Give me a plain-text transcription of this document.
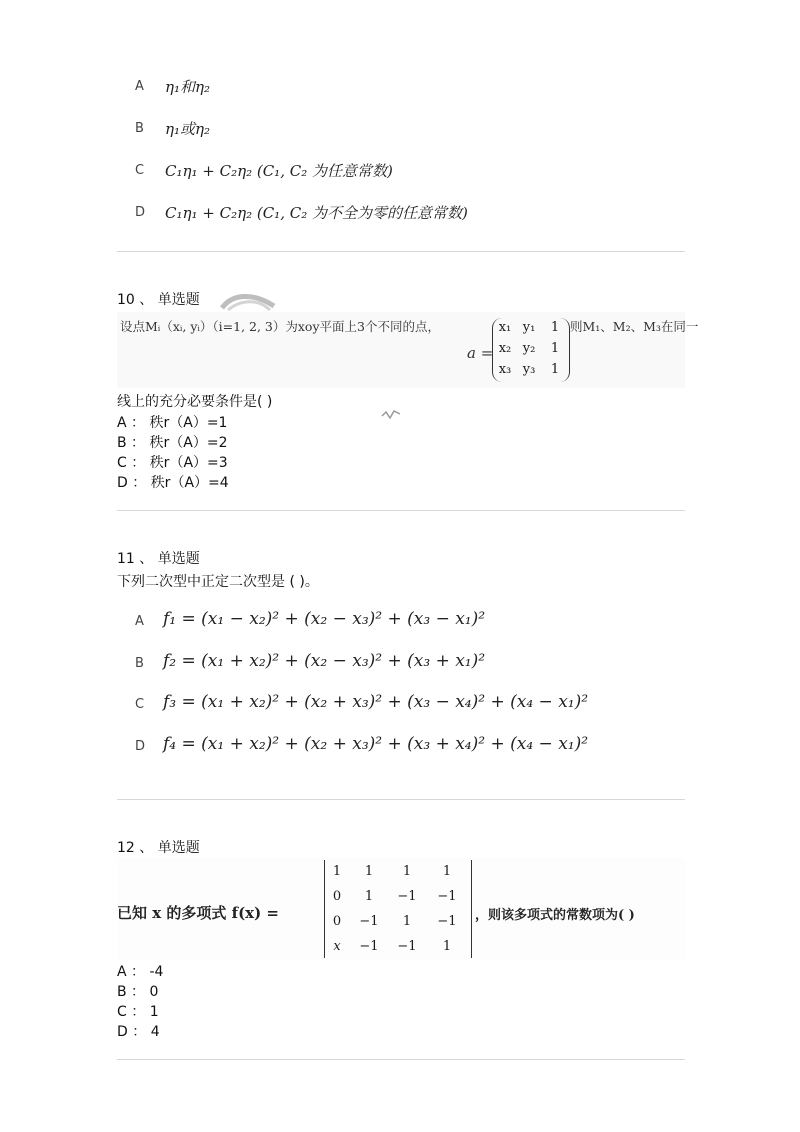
A η₁和η₂
B η₁或η₂
C C₁η₁ + C₂η₂ (C₁, C₂ 为任意常数)
D C₁η₁ + C₂η₂ (C₁, C₂ 为不全为零的任意常数)
10 、 单选题
设点Mᵢ（xᵢ, yᵢ）（i=1, 2, 3）为xoy平面上3个不同的点，
a =
x₁ y₁	1
x₂ y₂	1
x₃ y₃	1
则M₁、M₂、M₃在同一
线上的充分必要条件是( )
A ： 秩r（A）=1
B ： 秩r（A）=2
C ： 秩r（A）=3
D ： 秩r（A）=4
11 、 单选题
下列二次型中正定二次型是 ( )。
A f₁ = (x₁ − x₂)² + (x₂ − x₃)² + (x₃ − x₁)²
B f₂ = (x₁ + x₂)² + (x₂ − x₃)² + (x₃ + x₁)²
C f₃ = (x₁ + x₂)² + (x₂ + x₃)² + (x₃ − x₄)² + (x₄ − x₁)²
D f₄ = (x₁ + x₂)² + (x₂ + x₃)² + (x₃ + x₄)² + (x₄ − x₁)²
12 、 单选题
已知 x 的多项式 f(x) =
1	1	1	1
0	1	−1	−1
0	−1	1	−1
x	−1	−1	1
，则该多项式的常数项为( )
A ： -4
B ： 0
C ： 1
D ： 4
